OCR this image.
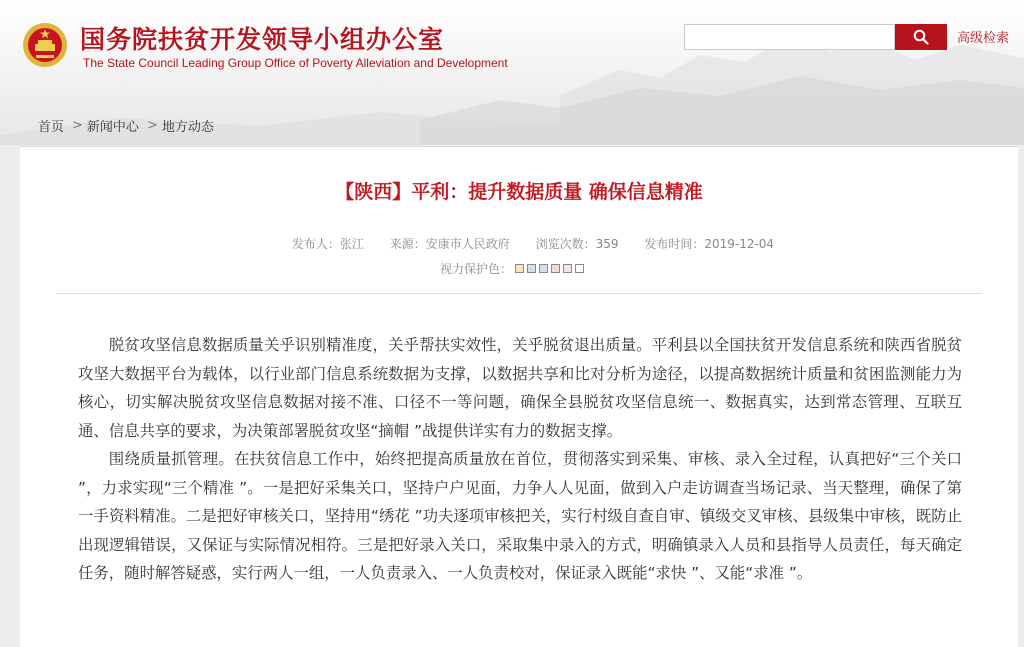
国务院扶贫开发领导小组办公室
The State Council Leading Group Office of Poverty Alleviation and Development
高级检索
首页 > 新闻中心 > 地方动态
【陕西】平利：提升数据质量 确保信息精准
发布人：张江 来源：安康市人民政府 浏览次数：359 发布时间：2019-12-04
视力保护色：

脱贫攻坚信息数据质量关乎识别精准度，关乎帮扶实效性，关乎脱贫退出质量。平利县以全国扶贫开发信息系统和陕西省脱贫攻坚大数据平台为载体，以行业部门信息系统数据为支撑，以数据共享和比对分析为途径，以提高数据统计质量和贫困监测能力为核心，切实解决脱贫攻坚信息数据对接不准、口径不一等问题，确保全县脱贫攻坚信息统一、数据真实，达到常态管理、互联互通、信息共享的要求，为决策部署脱贫攻坚“摘帽 ”战提供详实有力的数据支撑。

围绕质量抓管理。在扶贫信息工作中，始终把提高质量放在首位，贯彻落实到采集、审核、录入全过程，认真把好“三个关口 ”，力求实现“三个精准 ”。一是把好采集关口，坚持户户见面，力争人人见面，做到入户走访调查当场记录、当天整理，确保了第一手资料精准。二是把好审核关口，坚持用“绣花 ”功夫逐项审核把关，实行村级自查自审、镇级交叉审核、县级集中审核，既防止出现逻辑错误，又保证与实际情况相符。三是把好录入关口，采取集中录入的方式，明确镇录入人员和县指导人员责任，每天确定任务，随时解答疑惑，实行两人一组，一人负责录入、一人负责校对，保证录入既能“求快 ”、又能“求准 ”。
